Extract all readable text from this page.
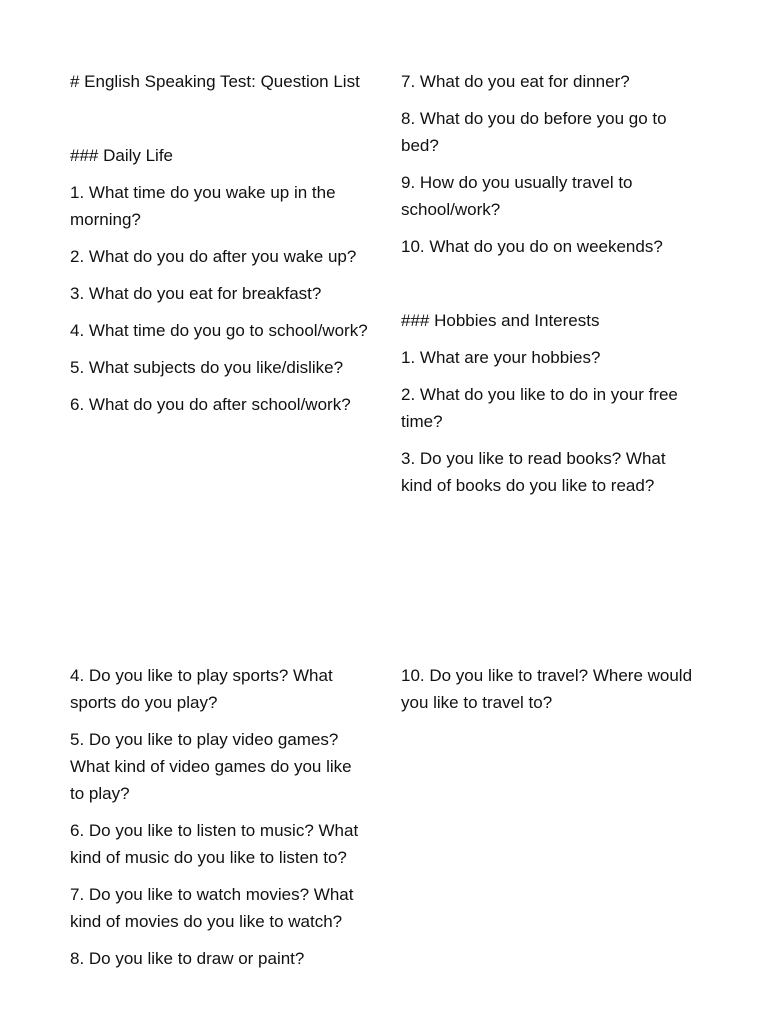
# English Speaking Test: Question List

### Daily Life

1. What time do you wake up in the morning?

2. What do you do after you wake up?

3. What do you eat for breakfast?

4. What time do you go to school/work?

5. What subjects do you like/dislike?

6. What do you do after school/work?

7. What do you eat for dinner?

8. What do you do before you go to bed?

9. How do you usually travel to school/work?

10. What do you do on weekends?

### Hobbies and Interests

1. What are your hobbies?

2. What do you like to do in your free time?

3. Do you like to read books? What kind of books do you like to read?

4. Do you like to play sports? What sports do you play?

5. Do you like to play video games? What kind of video games do you like to play?

6. Do you like to listen to music? What kind of music do you like to listen to?

7. Do you like to watch movies? What kind of movies do you like to watch?

8. Do you like to draw or paint?

10. Do you like to travel? Where would you like to travel to?
